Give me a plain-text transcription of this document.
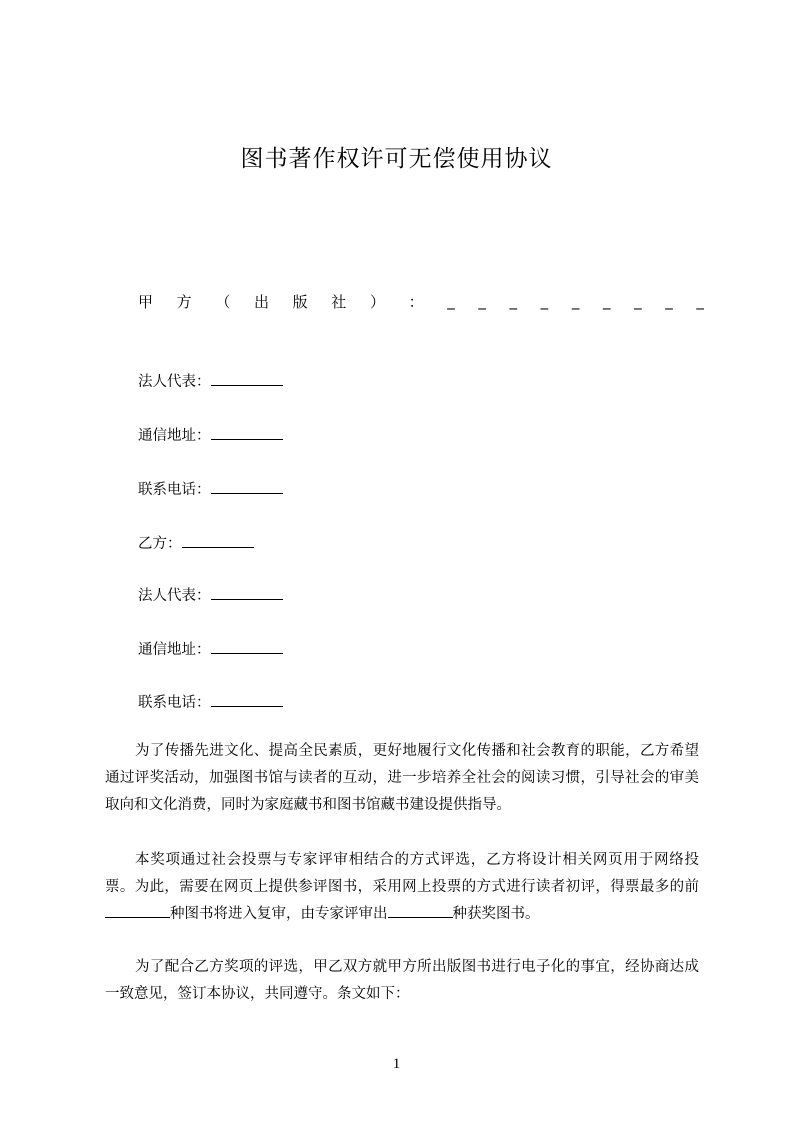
图书著作权许可无偿使用协议
甲 方 （ 出 版 社 ） ： _ _ _ _ _ _ _ _ _
法人代表：
通信地址：
联系电话：
乙方：
法人代表：
通信地址：
联系电话：

为了传播先进文化、提高全民素质，更好地履行文化传播和社会教育的职能，乙方希望通过评奖活动，加强图书馆与读者的互动，进一步培养全社会的阅读习惯，引导社会的审美取向和文化消费，同时为家庭藏书和图书馆藏书建设提供指导。

本奖项通过社会投票与专家评审相结合的方式评选，乙方将设计相关网页用于网络投票。为此，需要在网页上提供参评图书，采用网上投票的方式进行读者初评，得票最多的前种图书将进入复审，由专家评审出	种获奖图书。

为了配合乙方奖项的评选，甲乙双方就甲方所出版图书进行电子化的事宜，经协商达成一致意见，签订本协议，共同遵守。条文如下：

1
